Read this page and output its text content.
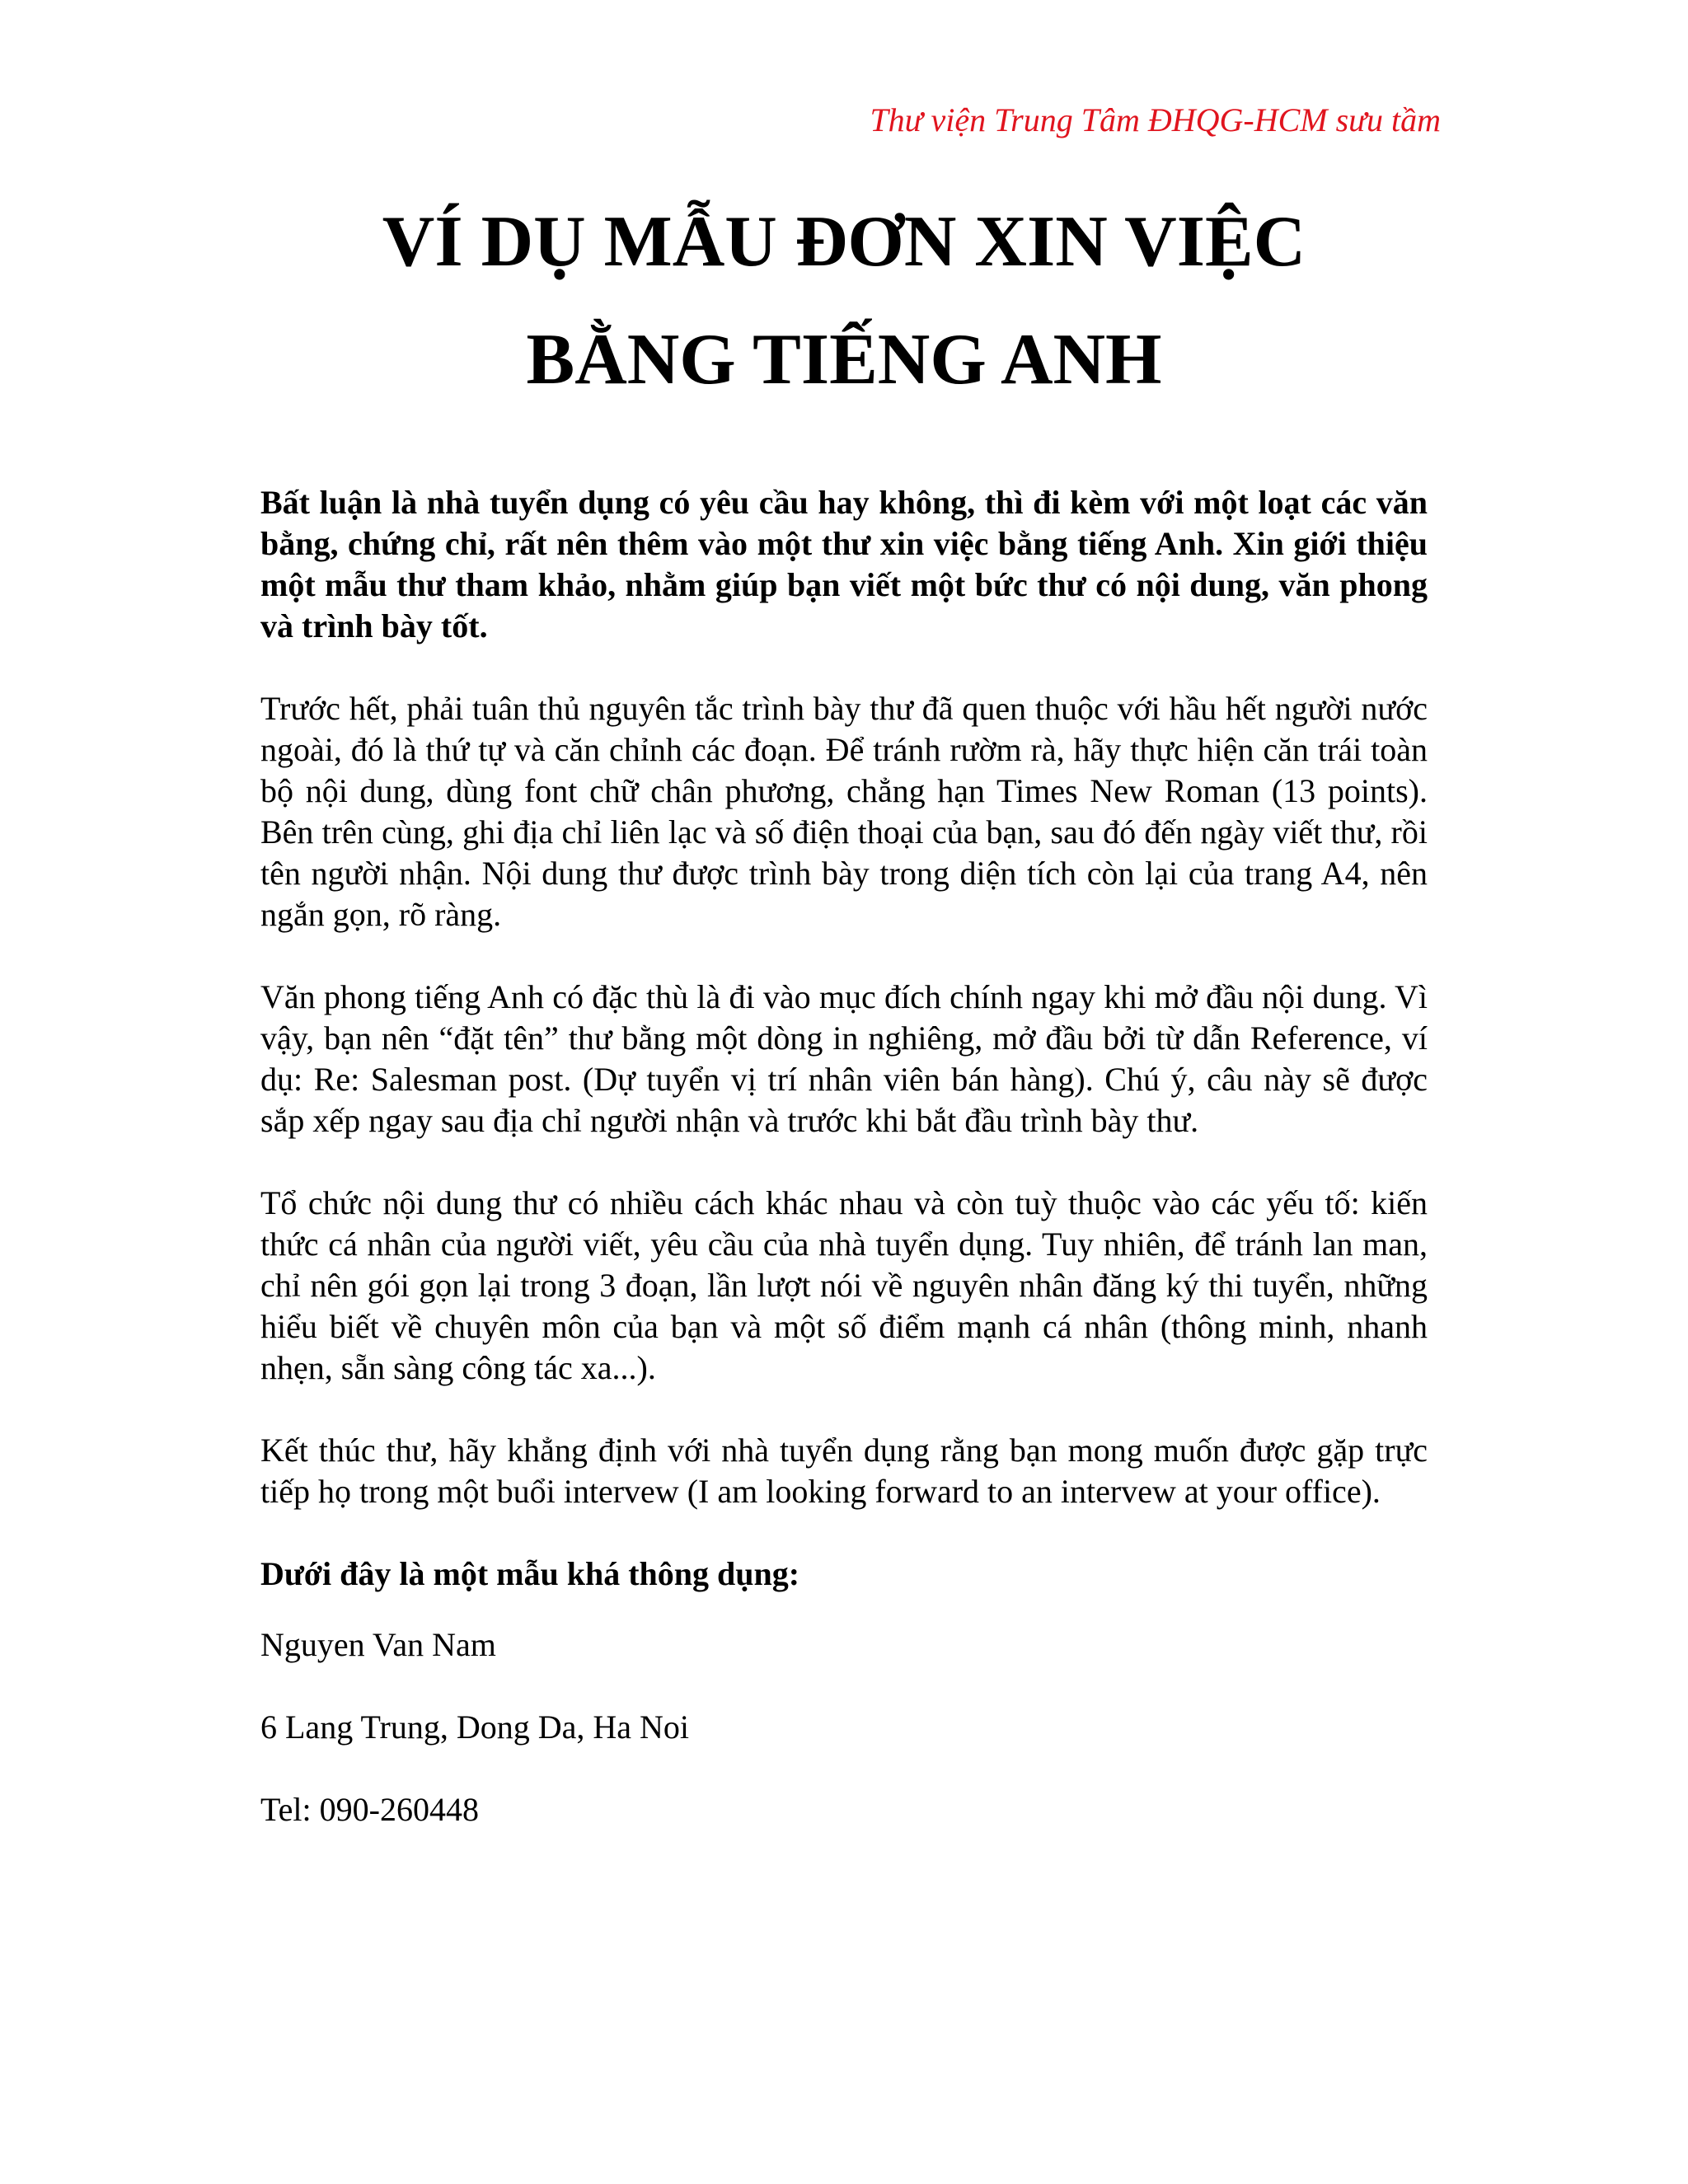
Thư viện Trung Tâm ĐHQG-HCM sưu tầm
VÍ DỤ MẪU ĐƠN XIN VIỆC
BẰNG TIẾNG ANH

Bất luận là nhà tuyển dụng có yêu cầu hay không, thì đi kèm với một loạt các văn bằng, chứng chỉ, rất nên thêm vào một thư xin việc bằng tiếng Anh. Xin giới thiệu một mẫu thư tham khảo, nhằm giúp bạn viết một bức thư có nội dung, văn phong và trình bày tốt.

Trước hết, phải tuân thủ nguyên tắc trình bày thư đã quen thuộc với hầu hết người nước ngoài, đó là thứ tự và căn chỉnh các đoạn. Để tránh rườm rà, hãy thực hiện căn trái toàn bộ nội dung, dùng font chữ chân phương, chẳng hạn Times New Roman (13 points). Bên trên cùng, ghi địa chỉ liên lạc và số điện thoại của bạn, sau đó đến ngày viết thư, rồi tên người nhận. Nội dung thư được trình bày trong diện tích còn lại của trang A4, nên ngắn gọn, rõ ràng.

Văn phong tiếng Anh có đặc thù là đi vào mục đích chính ngay khi mở đầu nội dung. Vì vậy, bạn nên “đặt tên” thư bằng một dòng in nghiêng, mở đầu bởi từ dẫn Reference, ví dụ: Re: Salesman post. (Dự tuyển vị trí nhân viên bán hàng). Chú ý, câu này sẽ được sắp xếp ngay sau địa chỉ người nhận và trước khi bắt đầu trình bày thư.

Tổ chức nội dung thư có nhiều cách khác nhau và còn tuỳ thuộc vào các yếu tố: kiến thức cá nhân của người viết, yêu cầu của nhà tuyển dụng. Tuy nhiên, để tránh lan man, chỉ nên gói gọn lại trong 3 đoạn, lần lượt nói về nguyên nhân đăng ký thi tuyển, những hiểu biết về chuyên môn của bạn và một số điểm mạnh cá nhân (thông minh, nhanh nhẹn, sẵn sàng công tác xa...).

Kết thúc thư, hãy khẳng định với nhà tuyển dụng rằng bạn mong muốn được gặp trực tiếp họ trong một buổi intervew (I am looking forward to an intervew at your office).

Dưới đây là một mẫu khá thông dụng:

Nguyen Van Nam

6 Lang Trung, Dong Da, Ha Noi

Tel: 090-260448
